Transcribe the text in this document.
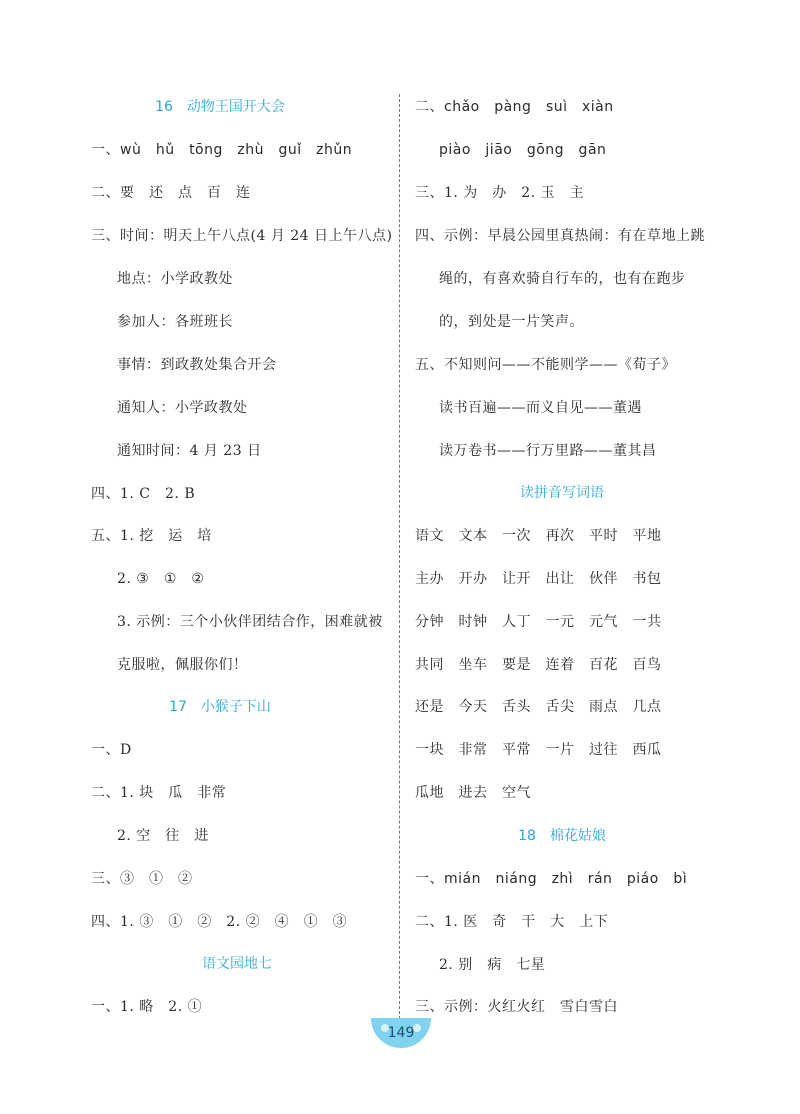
16　动物王国开大会
一、wù　hǔ　tōng　zhù　guǐ　zhǔn
二、要　还　点　百　连
三、时间：明天上午八点(4 月 24 日上午八点)
地点：小学政教处
参加人：各班班长
事情：到政教处集合开会
通知人：小学政教处
通知时间：4 月 23 日
四、1. C　2. B
五、1. 挖　运　培
2. ③　①　②
3. 示例：三个小伙伴团结合作，困难就被
克服啦，佩服你们！
17　小猴子下山
一、D
二、1. 块　瓜　非常
2. 空　往　进
三、③　①　②
四、1. ③　①　②　2. ②　④　①　③
语文园地七
一、1. 略　2. ①
二、chǎo　pàng　suì　xiàn
piào　jiāo　gōng　gān
三、1. 为　办　2. 玉　主
四、示例：早晨公园里真热闹：有在草地上跳
绳的，有喜欢骑自行车的，也有在跑步
的，到处是一片笑声。
五、不知则问——不能则学——《荀子》
读书百遍——而义自见——董遇
读万卷书——行万里路——董其昌
读拼音写词语
语文　文本　一次　再次　平时　平地
主办　开办　让开　出让　伙伴　书包
分钟　时钟　人丁　一元　元气　一共
共同　坐车　要是　连着　百花　百鸟
还是　今天　舌头　舌尖　雨点　几点
一块　非常　平常　一片　过往　西瓜
瓜地　进去　空气
18　棉花姑娘
一、mián　niáng　zhì　rán　piáo　bì
二、1. 医　奇　干　大　上下
2. 别　病　七星
三、示例：火红火红　雪白雪白
149
